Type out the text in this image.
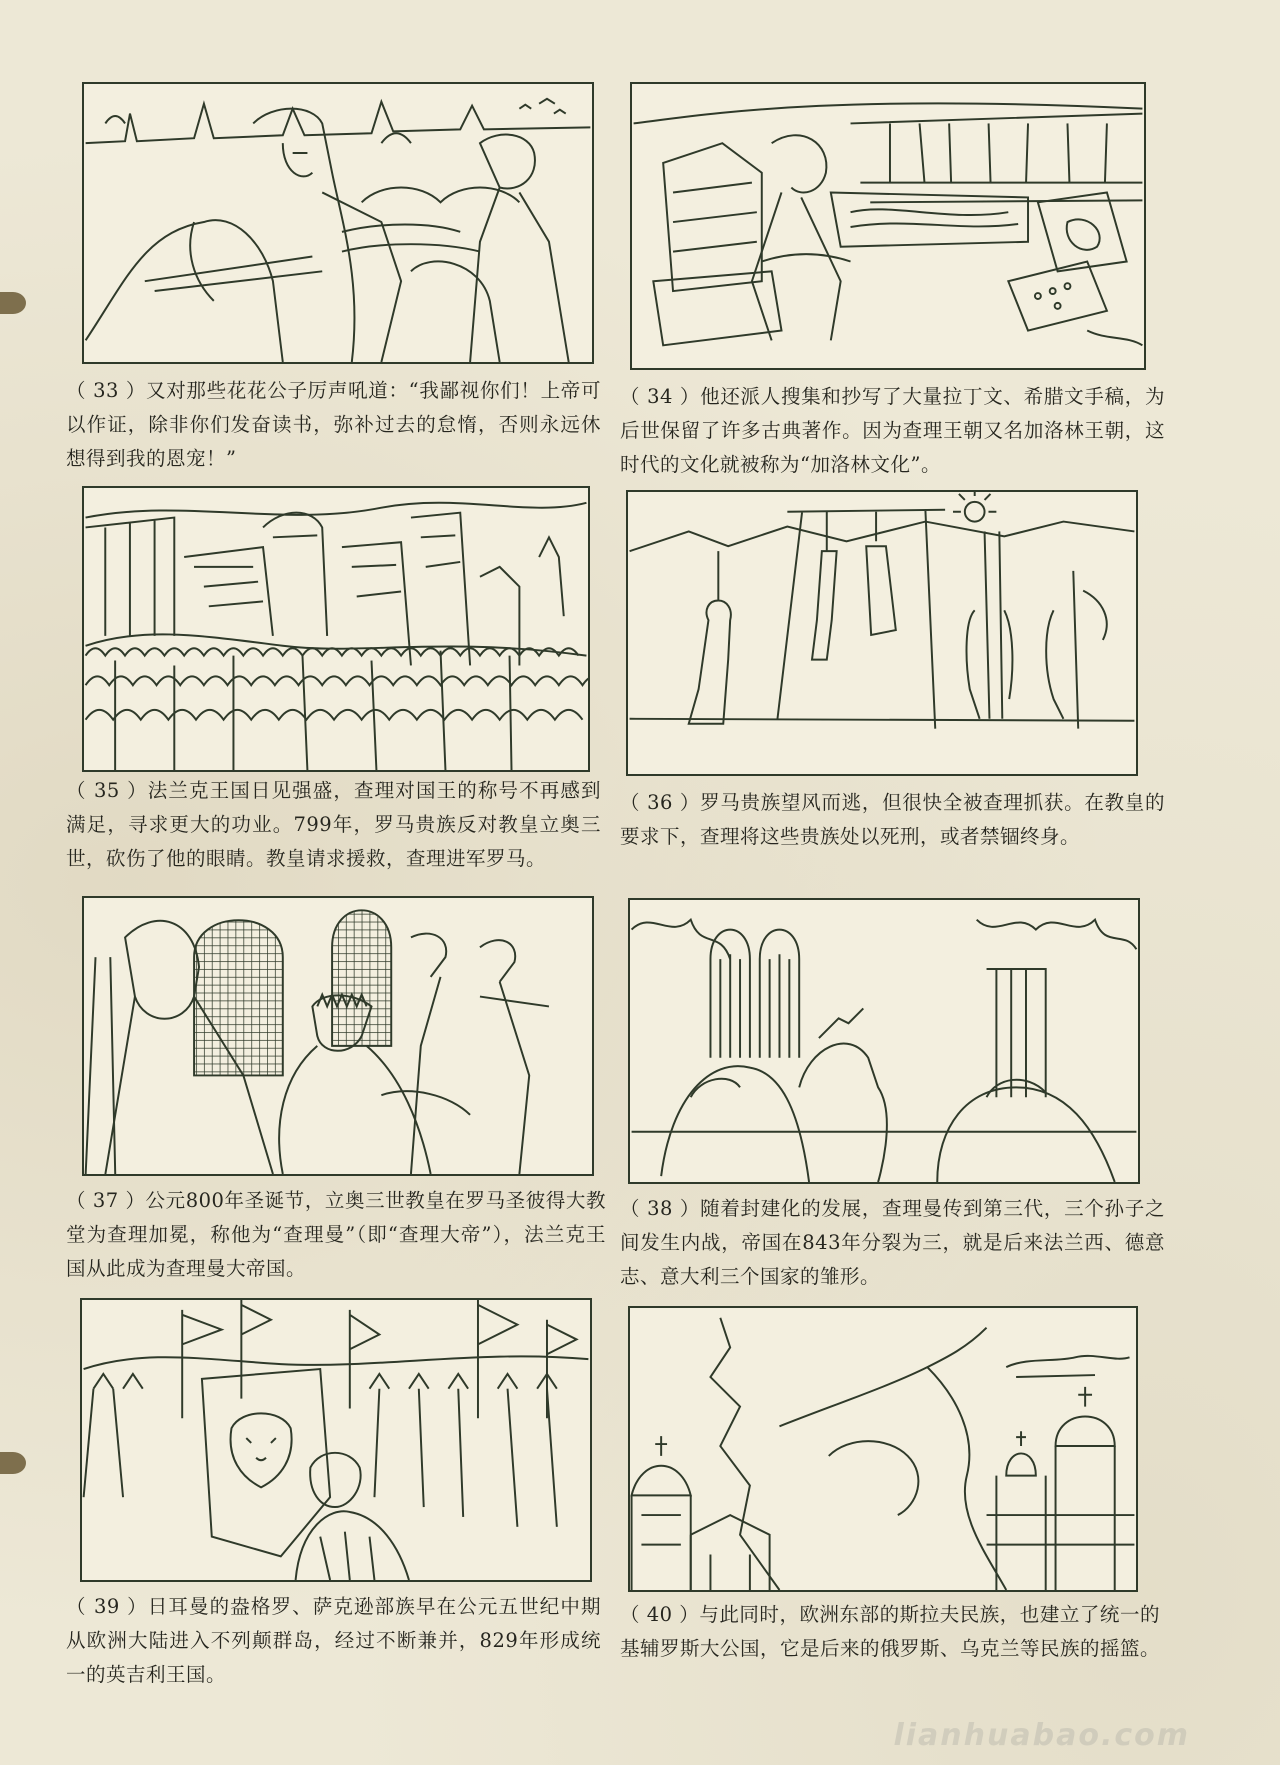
（ 33 ）又对那些花花公子厉声吼道：“我鄙视你们！上帝可以作证，除非你们发奋读书，弥补过去的怠惰，否则永远休想得到我的恩宠！”
（ 34 ）他还派人搜集和抄写了大量拉丁文、希腊文手稿，为后世保留了许多古典著作。因为查理王朝又名加洛林王朝，这时代的文化就被称为“加洛林文化”。
（ 35 ）法兰克王国日见强盛，查理对国王的称号不再感到满足，寻求更大的功业。799年，罗马贵族反对教皇立奥三世，砍伤了他的眼睛。教皇请求援救，查理进军罗马。
（ 36 ）罗马贵族望风而逃，但很快全被查理抓获。在教皇的要求下，查理将这些贵族处以死刑，或者禁锢终身。
（ 37 ）公元800年圣诞节，立奥三世教皇在罗马圣彼得大教堂为查理加冕，称他为“查理曼”（即“查理大帝”），法兰克王国从此成为查理曼大帝国。
（ 38 ）随着封建化的发展，查理曼传到第三代，三个孙子之间发生内战，帝国在843年分裂为三，就是后来法兰西、德意志、意大利三个国家的雏形。
（ 39 ）日耳曼的盎格罗、萨克逊部族早在公元五世纪中期从欧洲大陆进入不列颠群岛，经过不断兼并，829年形成统一的英吉利王国。
（ 40 ）与此同时，欧洲东部的斯拉夫民族，也建立了统一的基辅罗斯大公国，它是后来的俄罗斯、乌克兰等民族的摇篮。
lianhuabao.com
